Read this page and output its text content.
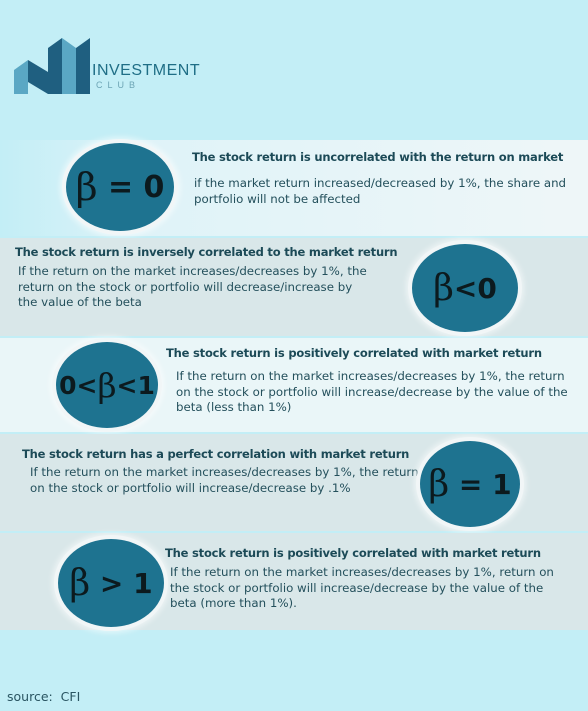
INVESTMENT
CLUB
β = 0
The stock return is uncorrelated with the return on market
if the market return increased/decreased by 1%, the share and portfolio will not be affected
The stock return is inversely correlated to the market return
If the return on the market increases/decreases by 1%, the return on the stock or portfolio will decrease/increase by the value of the beta	β <0
0< β <1
The stock return is positively correlated with market return
If the return on the market increases/decreases by 1%, the return on the stock or portfolio will increase/decrease by the value of the beta (less than 1%)
The stock return has a perfect correlation with market return
If the return on the market increases/decreases by 1%, the return on the stock or portfolio will increase/decrease by .1%	β = 1
β > 1
The stock return is positively correlated with market return
If the return on the market increases/decreases by 1%, return on the stock or portfolio will increase/decrease by the value of the beta (more than 1%).
source:  CFI
